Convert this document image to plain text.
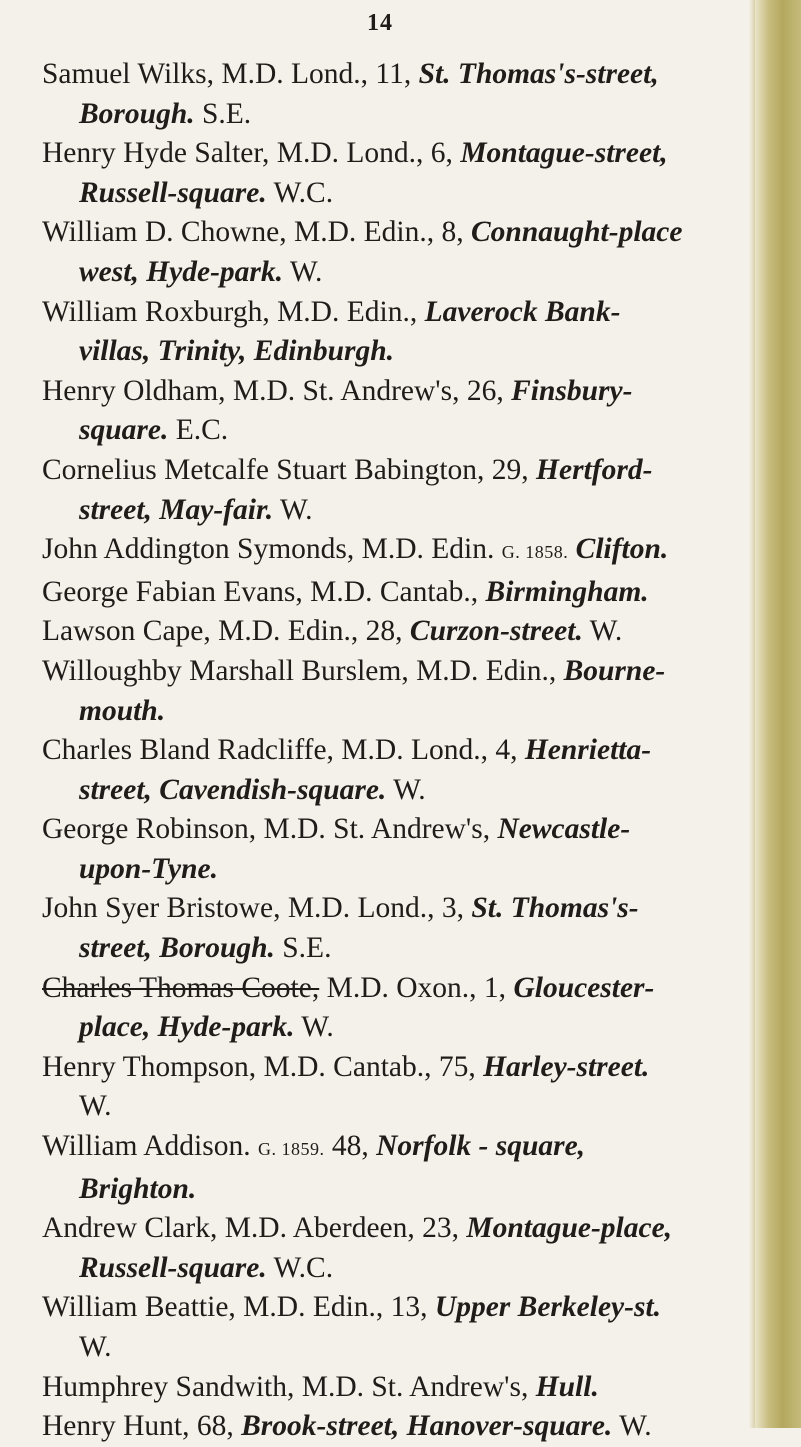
14
Samuel Wilks, M.D. Lond., 11, St. Thomas's-street,
Borough. S.E.
Henry Hyde Salter, M.D. Lond., 6, Montague-street,
Russell-square. W.C.
William D. Chowne, M.D. Edin., 8, Connaught-place
west, Hyde-park. W.
William Roxburgh, M.D. Edin., Laverock Bank-
villas, Trinity, Edinburgh.
Henry Oldham, M.D. St. Andrew's, 26, Finsbury-
square. E.C.
Cornelius Metcalfe Stuart Babington, 29, Hertford-
street, May-fair. W.
John Addington Symonds, M.D. Edin. G. 1858. Clifton.
George Fabian Evans, M.D. Cantab., Birmingham.
Lawson Cape, M.D. Edin., 28, Curzon-street. W.
Willoughby Marshall Burslem, M.D. Edin., Bourne-
mouth.
Charles Bland Radcliffe, M.D. Lond., 4, Henrietta-
street, Cavendish-square. W.
George Robinson, M.D. St. Andrew's, Newcastle-
upon-Tyne.
John Syer Bristowe, M.D. Lond., 3, St. Thomas's-
street, Borough. S.E.
Charles Thomas Coote, M.D. Oxon., 1, Gloucester-
place, Hyde-park. W.
Henry Thompson, M.D. Cantab., 75, Harley-street.
W.
William Addison. G. 1859. 48, Norfolk - square,
Brighton.
Andrew Clark, M.D. Aberdeen, 23, Montague-place,
Russell-square. W.C.
William Beattie, M.D. Edin., 13, Upper Berkeley-st.
W.
Humphrey Sandwith, M.D. St. Andrew's, Hull.
Henry Hunt, 68, Brook-street, Hanover-square. W.
